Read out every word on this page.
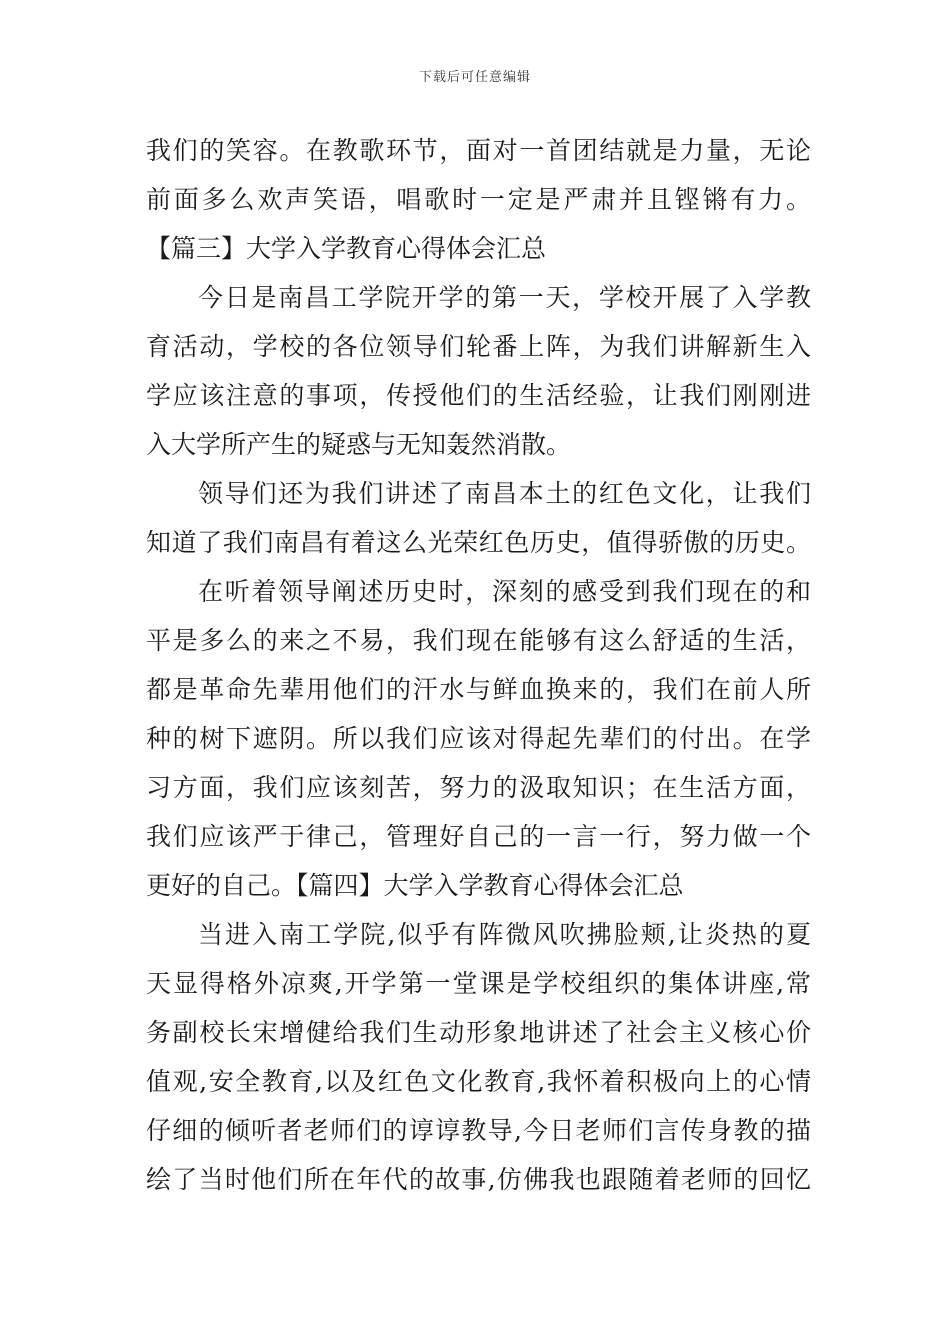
下载后可任意编辑
我们的笑容。在教歌环节，面对一首团结就是力量，无论
前面多么欢声笑语，唱歌时一定是严肃并且铿锵有力。
【篇三】大学入学教育心得体会汇总
今日是南昌工学院开学的第一天，学校开展了入学教
育活动，学校的各位领导们轮番上阵，为我们讲解新生入
学应该注意的事项，传授他们的生活经验，让我们刚刚进
入大学所产生的疑惑与无知轰然消散。
领导们还为我们讲述了南昌本土的红色文化，让我们
知道了我们南昌有着这么光荣红色历史，值得骄傲的历史。
在听着领导阐述历史时，深刻的感受到我们现在的和
平是多么的来之不易，我们现在能够有这么舒适的生活，
都是革命先辈用他们的汗水与鲜血换来的，我们在前人所
种的树下遮阴。所以我们应该对得起先辈们的付出。在学
习方面，我们应该刻苦，努力的汲取知识；在生活方面，
我们应该严于律己，管理好自己的一言一行，努力做一个
更好的自己。【篇四】大学入学教育心得体会汇总
当进入南工学院,似乎有阵微风吹拂脸颊,让炎热的夏
天显得格外凉爽,开学第一堂课是学校组织的集体讲座,常
务副校长宋增健给我们生动形象地讲述了社会主义核心价
值观,安全教育,以及红色文化教育,我怀着积极向上的心情
仔细的倾听者老师们的谆谆教导,今日老师们言传身教的描
绘了当时他们所在年代的故事,仿佛我也跟随着老师的回忆
